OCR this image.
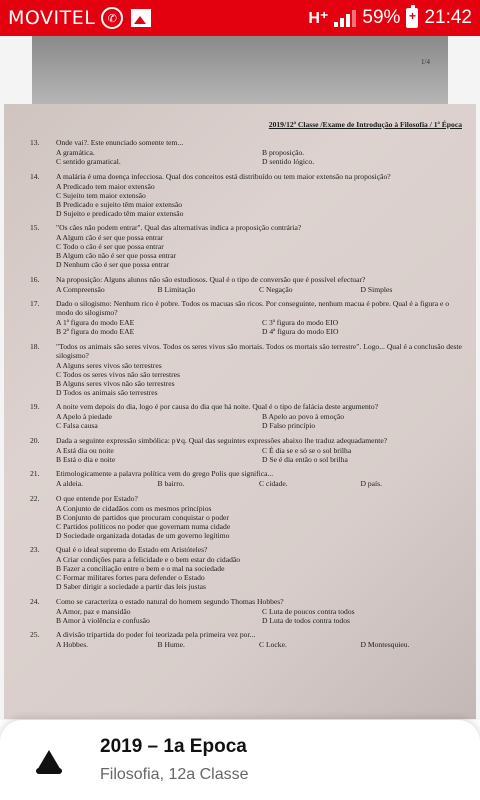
MOVITEL	✆	H⁺ 59%
+ 21:42
1/4
2019/12ª Classe /Exame de Introdução à Filosofia / 1ª Época
13.	Onde vai?. Este enunciado somente tem...
A gramática.	B proposição.
C sentido gramatical.	D sentido lógico.
14.	A malária é uma doença infecciosa. Qual dos conceitos está distribuído ou tem maior extensão na proposição?
A Predicado tem maior extensão
C Sujeito tem maior extensão
B Predicado e sujeito têm maior extensão
D Sujeito e predicado têm maior extensão
15.	"Os cães não podem entrar". Qual das alternativas indica a proposição contrária?
A Algum cão é ser que possa entrar
C Todo o cão é ser que possa entrar
B Algum cão não é ser que possa entrar
D Nenhum cão é ser que possa entrar
16.	Na proposição: Alguns alunos não são estudiosos. Qual é o tipo de conversão que é possível efectuar?
A Compreensão	B Limitação	C Negação	D Simples
17.	Dado o silogismo: Nenhum rico é pobre. Todos os macuas são ricos. Por conseguinte, nenhum macua é pobre. Qual é a figura e o modo do silogismo?
A 1ª figura do modo EAE	C 3ª figura do modo EIO
B 2ª figura do modo EAE	D 4ª figura do modo EIO
18.	"Todos os animais são seres vivos. Todos os seres vivos são mortais. Todos os mortais são terrestre". Logo... Qual é a conclusão deste silogismo?
A Alguns seres vivos são terrestres
C Todos os seres vivos não são terrestres
B Alguns seres vivos não são terrestres
D Todos os animais são terrestres
19.	A noite vem depois do dia, logo é por causa do dia que há noite. Qual é o tipo de falácia deste argumento?
A Apelo à piedade	B Apelo ao povo à emoção
C Falsa causa	D Falso princípio
20.	Dada a seguinte expressão simbólica: p∨q. Qual das seguintes expressões abaixo lhe traduz adequadamente?
A Está dia ou noite	C É dia se e só se o sol brilha
B Está o dia e noite	D Se é dia então o sol brilha
21.	Etimologicamente a palavra política vem do grego Polis que significa...
A aldeia.	B bairro.	C cidade.	D país.
22.	O que entende por Estado?
A Conjunto de cidadãos com os mesmos princípios
B Conjunto de partidos que procuram conquistar o poder
C Partidos políticos no poder que governam numa cidade
D Sociedade organizada dotadas de um governo legítimo
23.	Qual é o ideal supremo do Estado em Aristóteles?
A Criar condições para a felicidade e o bem estar do cidadão
B Fazer a conciliação entre o bem e o mal na sociedade
C Formar militares fortes para defender o Estado
D Saber dirigir a sociedade a partir das leis justas
24.	Como se caracteriza o estado natural do homem segundo Thomas Hobbes?
A Amor, paz e mansidão	C Luta de poucos contra todos
B Amor à violência e confusão	D Luta de todos contra todos
25.	A divisão tripartida do poder foi teorizada pela primeira vez por...
A Hobbes.	B Hume.	C Locke.	D Montesquieu.
2019 – 1a Epoca
Filosofia, 12a Classe
